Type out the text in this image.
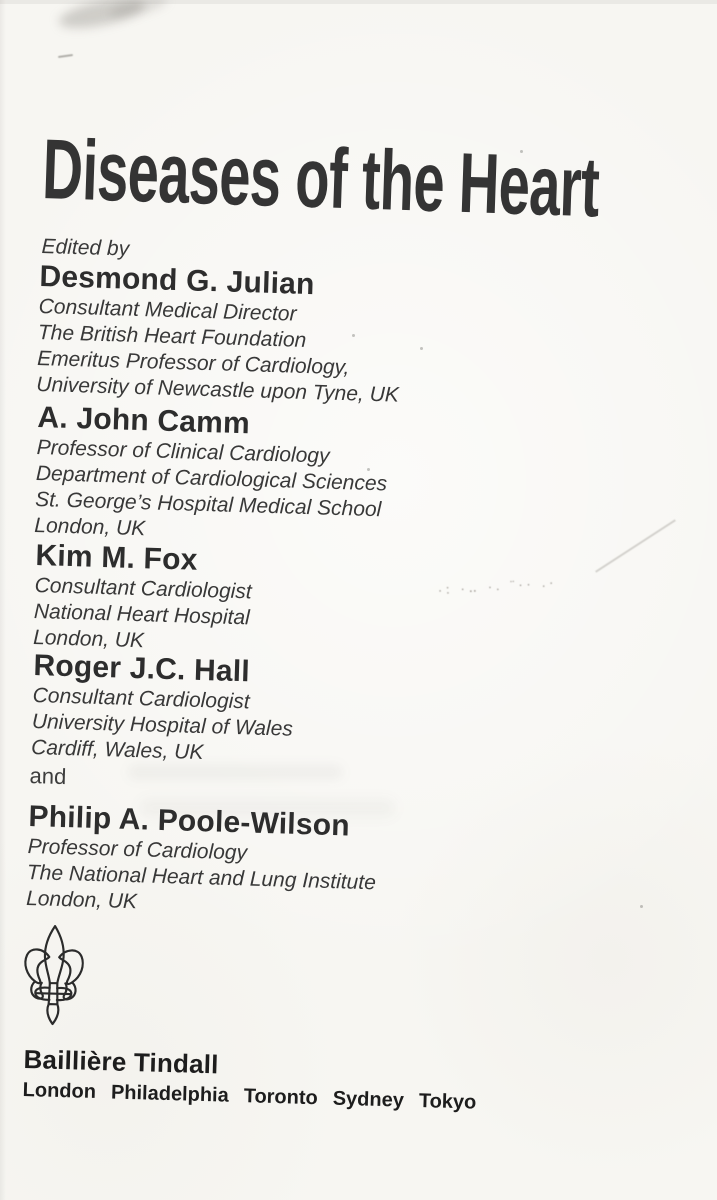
·: ·‥ ·. ¨·· .·
Diseases of the Heart
Edited by
Desmond G. Julian
Consultant Medical Director
The British Heart Foundation
Emeritus Professor of Cardiology,
University of Newcastle upon Tyne, UK
A. John Camm
Professor of Clinical Cardiology
Department of Cardiological Sciences
St. George’s Hospital Medical School
London, UK
Kim M. Fox
Consultant Cardiologist
National Heart Hospital
London, UK
Roger J.C. Hall
Consultant Cardiologist
University Hospital of Wales
Cardiff, Wales, UK
Philip A. Poole-Wilson
Professor of Cardiology
The National Heart and Lung Institute
London, UK
and
Baillière Tindall
London Philadelphia Toronto Sydney Tokyo
